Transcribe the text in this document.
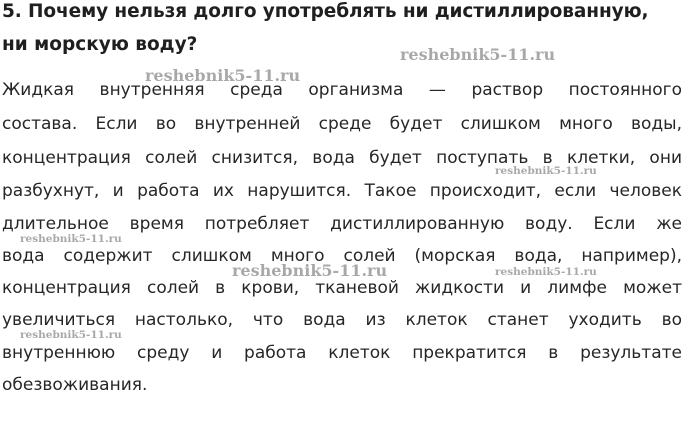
5. Почему нельзя долго употреблять ни дистиллированную,
ни морскую воду?
Жидкая внутренняя среда организма — раствор постоянного
состава. Если во внутренней среде будет слишком много воды,
концентрация солей снизится, вода будет поступать в клетки, они
разбухнут, и работа их нарушится. Такое происходит, если человек
длительное время потребляет дистиллированную воду. Если же
вода содержит слишком много солей (морская вода, например),
концентрация солей в крови, тканевой жидкости и лимфе может
увеличиться настолько, что вода из клеток станет уходить во
внутреннюю среду и работа клеток прекратится в результате
обезвоживания.
reshebnik5-11.ru
reshebnik5-11.ru
reshebnik5-11.ru
reshebnik5-11.ru
reshebnik5-11.ru	reshebnik5-11.ru
reshebnik5-11.ru
